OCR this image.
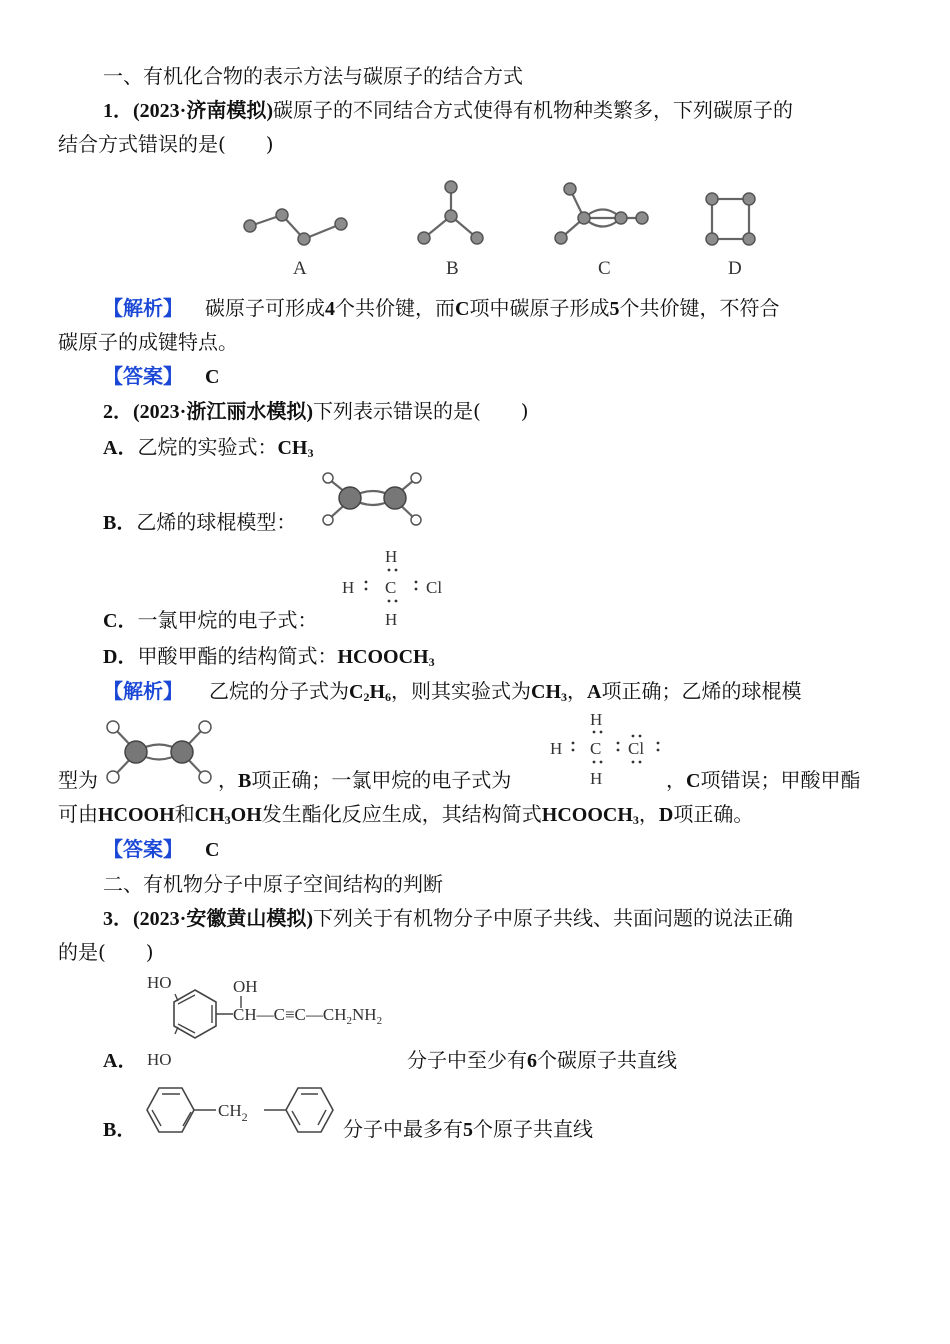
一、有机化合物的表示方法与碳原子的结合方式
1．(2023·济南模拟)碳原子的不同结合方式使得有机物种类繁多，下列碳原子的
结合方式错误的是(　　)
A	B	C	D
【解析】 碳原子可形成4个共价键，而C项中碳原子形成5个共价键，不符合
碳原子的成键特点。
【答案】 C
2．(2023·浙江丽水模拟)下列表示错误的是(　　)
A．乙烷的实验式：$CH_3$
B．乙烯的球棍模型：
H
H C Cl
H
C．一氯甲烷的电子式：
D．甲酸甲酯的结构简式：$HCOOCH_3$
【解析】 乙烷的分子式为$C_2H_6$，则其实验式为$CH_3$，A项正确；乙烯的球棍模
H
H C Cl
H
型为	，B项正确；一氯甲烷的电子式为	，C项错误；甲酸甲酯
可由HCOOH和$CH_3OH$发生酯化反应生成，其结构简式$HCOOCH_3$，D项正确。
【答案】 C
二、有机物分子中原子空间结构的判断
3．(2023·安徽黄山模拟)下列关于有机物分子中原子共线、共面问题的说法正确
的是(　　)
HO
HO
OH
$CH—C\equiv C—CH_2NH_2$
A．	分子中至少有6个碳原子共直线
$CH_2$
B．	分子中最多有5个原子共直线
